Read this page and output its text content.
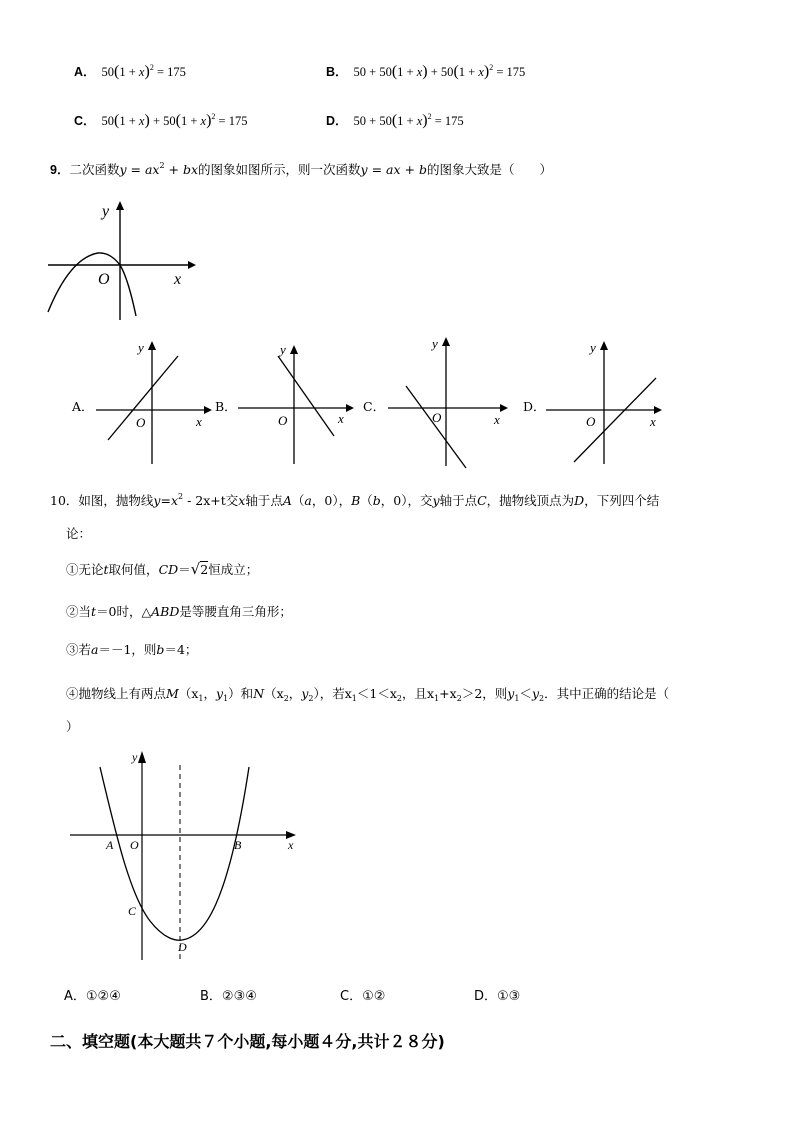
A． $50(1 + x)^2 = 175$	B． $50 + 50(1 + x) + 50(1 + x)^2 = 175$
C． $50(1 + x) + 50(1 + x)^2 = 175$	D． $50 + 50(1 + x)^2 = 175$
9．二次函数$y = ax^2$ + bx的图象如图所示，则一次函数y = ax + b的图象大致是（　　）
x
y
O
A．
x
y
O
B．
x
y
O
C．
x
y
O
D．
x
y
O
10．如图，抛物线$y=x^2 - 2x+t$交x轴于点A（a，0），B（b，0），交y轴于点C，抛物线顶点为D，下列四个结
论：
①无论t取何值，CD＝√2恒成立；
②当t＝0时，△ABD是等腰直角三角形；
③若a＝－1，则b＝4；
④抛物线上有两点$M(x_1$，$y_1$）和$N(x_2$，$y_2$），若$x_1<1<x_2$，且$x_1+x_2>2$，则$y_1<y_2$．其中正确的结论是（
）
x
y
A O	B
C
D
A．①②④	B．②③④	C．①②	D．①③
二、填空题(本大题共７个小题,每小题４分,共计２８分)
